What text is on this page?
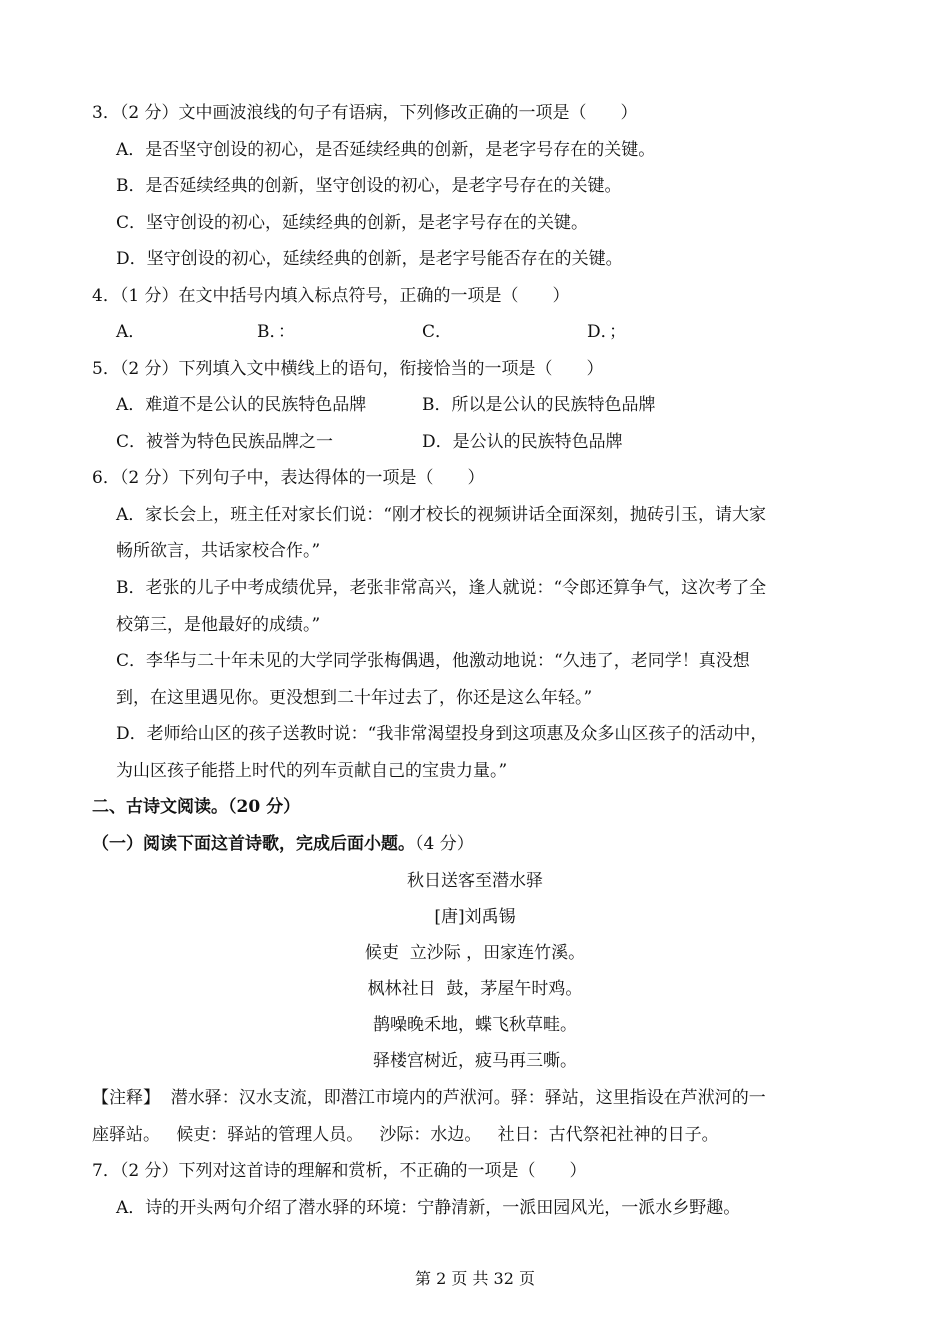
3．（2 分）文中画波浪线的句子有语病，下列修改正确的一项是（　　）
A．是否坚守创设的初心，是否延续经典的创新，是老字号存在的关键。
B．是否延续经典的创新，坚守创设的初心，是老字号存在的关键。
C．坚守创设的初心，延续经典的创新，是老字号存在的关键。
D．坚守创设的初心，延续经典的创新，是老字号能否存在的关键。
4．（1 分）在文中括号内填入标点符号，正确的一项是（　　）
A．	B．：	C．	D．；
5．（2 分）下列填入文中横线上的语句，衔接恰当的一项是（　　）
A．难道不是公认的民族特色品牌	B．所以是公认的民族特色品牌
C．被誉为特色民族品牌之一	D．是公认的民族特色品牌
6．（2 分）下列句子中，表达得体的一项是（　　）
A．家长会上，班主任对家长们说：“刚才校长的视频讲话全面深刻，抛砖引玉，请大家
畅所欲言，共话家校合作。”
B．老张的儿子中考成绩优异，老张非常高兴，逢人就说：“令郎还算争气，这次考了全
校第三，是他最好的成绩。”
C．李华与二十年未见的大学同学张梅偶遇，他激动地说：“久违了，老同学！真没想
到，在这里遇见你。更没想到二十年过去了，你还是这么年轻。”
D．老师给山区的孩子送教时说：“我非常渴望投身到这项惠及众多山区孩子的活动中，
为山区孩子能搭上时代的列车贡献自己的宝贵力量。”
二、古诗文阅读。（20 分）
（一）阅读下面这首诗歌，完成后面小题。（4 分）
秋日送客至潜水驿
[唐]刘禹锡
候吏  立沙际 ，田家连竹溪。
枫林社日  鼓，茅屋午时鸡。
鹊噪晚禾地，蝶飞秋草畦。
驿楼宫树近，疲马再三嘶。
【注释】  潜水驿：汉水支流，即潜江市境内的芦洑河。驿：驿站，这里指设在芦洑河的一
座驿站。   候吏：驿站的管理人员。   沙际：水边。   社日：古代祭祀社神的日子。
7．（2 分）下列对这首诗的理解和赏析，不正确的一项是（　　）
A．诗的开头两句介绍了潜水驿的环境：宁静清新，一派田园风光，一派水乡野趣。
第 2 页 共 32 页
